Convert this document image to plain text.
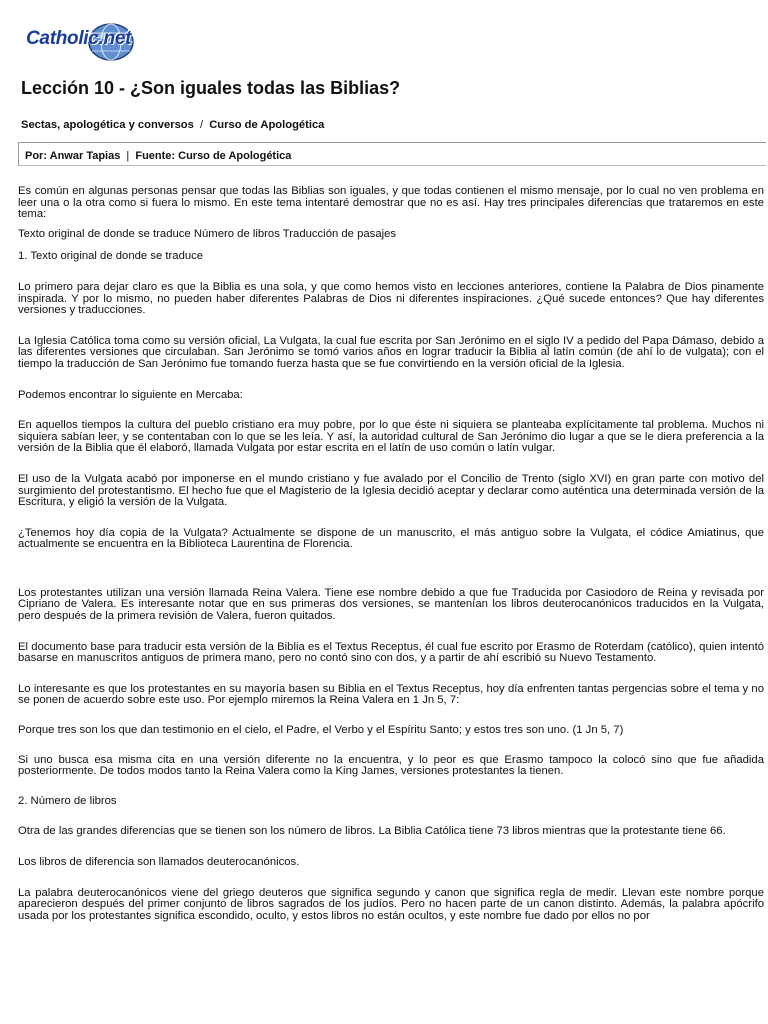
Catholic.net
Lección 10 - ¿Son iguales todas las Biblias?
Sectas, apologética y conversos / Curso de Apologética
Por: Anwar Tapias | Fuente: Curso de Apologética

Es común en algunas personas pensar que todas las Biblias son iguales, y que todas contienen el mismo mensaje, por lo cual no ven problema en leer una o la otra como si fuera lo mismo. En este tema intentaré demostrar que no es así. Hay tres principales diferencias que trataremos en este tema:

Texto original de donde se traduce Número de libros Traducción de pasajes

1. Texto original de donde se traduce

Lo primero para dejar claro es que la Biblia es una sola, y que como hemos visto en lecciones anteriores, contiene la Palabra de Dios pinamente inspirada. Y por lo mismo, no pueden haber diferentes Palabras de Dios ni diferentes inspiraciones. ¿Qué sucede entonces? Que hay diferentes versiones y traducciones.

La Iglesia Católica toma como su versión oficial, La Vulgata, la cual fue escrita por San Jerónimo en el siglo IV a pedido del Papa Dámaso, debido a las diferentes versiones que circulaban. San Jerónimo se tomó varios años en lograr traducir la Biblia al latín común (de ahí lo de vulgata); con el tiempo la traducción de San Jerónimo fue tomando fuerza hasta que se fue convirtiendo en la versión oficial de la Iglesia.

Podemos encontrar lo siguiente en Mercaba:

En aquellos tiempos la cultura del pueblo cristiano era muy pobre, por lo que éste ni siquiera se planteaba explícitamente tal problema. Muchos ni siquiera sabían leer, y se contentaban con lo que se les leía. Y así, la autoridad cultural de San Jerónimo dio lugar a que se le diera preferencia a la versión de la Biblia que él elaboró, llamada Vulgata por estar escrita en el latín de uso común o latín vulgar.

El uso de la Vulgata acabó por imponerse en el mundo cristiano y fue avalado por el Concilio de Trento (siglo XVI) en gran parte con motivo del surgimiento del protestantismo. El hecho fue que el Magisterio de la Iglesia decidió aceptar y declarar como auténtica una determinada versión de la Escritura, y eligió la versión de la Vulgata.

¿Tenemos hoy día copia de la Vulgata? Actualmente se dispone de un manuscrito, el más antiguo sobre la Vulgata, el códice Amiatinus, que actualmente se encuentra en la Biblioteca Laurentina de Florencia.

Los protestantes utilizan una versión llamada Reina Valera. Tiene ese nombre debido a que fue Traducida por Casiodoro de Reina y revisada por Cipriano de Valera. Es interesante notar que en sus primeras dos versiones, se mantenían los libros deuterocanónicos traducidos en la Vulgata, pero después de la primera revisión de Valera, fueron quitados.

El documento base para traducir esta versión de la Biblia es el Textus Receptus, él cual fue escrito por Erasmo de Roterdam (católico), quien intentó basarse en manuscritos antiguos de primera mano, pero no contó sino con dos, y a partir de ahí escribió su Nuevo Testamento.

Lo interesante es que los protestantes en su mayoría basen su Biblia en el Textus Receptus, hoy día enfrenten tantas pergencias sobre el tema y no se ponen de acuerdo sobre este uso. Por ejemplo miremos la Reina Valera en 1 Jn 5, 7:

Porque tres son los que dan testimonio en el cielo, el Padre, el Verbo y el Espíritu Santo; y estos tres son uno. (1 Jn 5, 7)

Si uno busca esa misma cita en una versión diferente no la encuentra, y lo peor es que Erasmo tampoco la colocó sino que fue añadida posteriormente. De todos modos tanto la Reina Valera como la King James, versiones protestantes la tienen.

2. Número de libros

Otra de las grandes diferencias que se tienen son los número de libros. La Biblia Católica tiene 73 libros mientras que la protestante tiene 66.

Los libros de diferencia son llamados deuterocanónicos.

La palabra deuterocanónicos viene del griego deuteros que significa segundo y canon que significa regla de medir. Llevan este nombre porque aparecieron después del primer conjunto de libros sagrados de los judíos. Pero no hacen parte de un canon distinto. Además, la palabra apócrifo usada por los protestantes significa escondido, oculto, y estos libros no están ocultos, y este nombre fue dado por ellos no por
